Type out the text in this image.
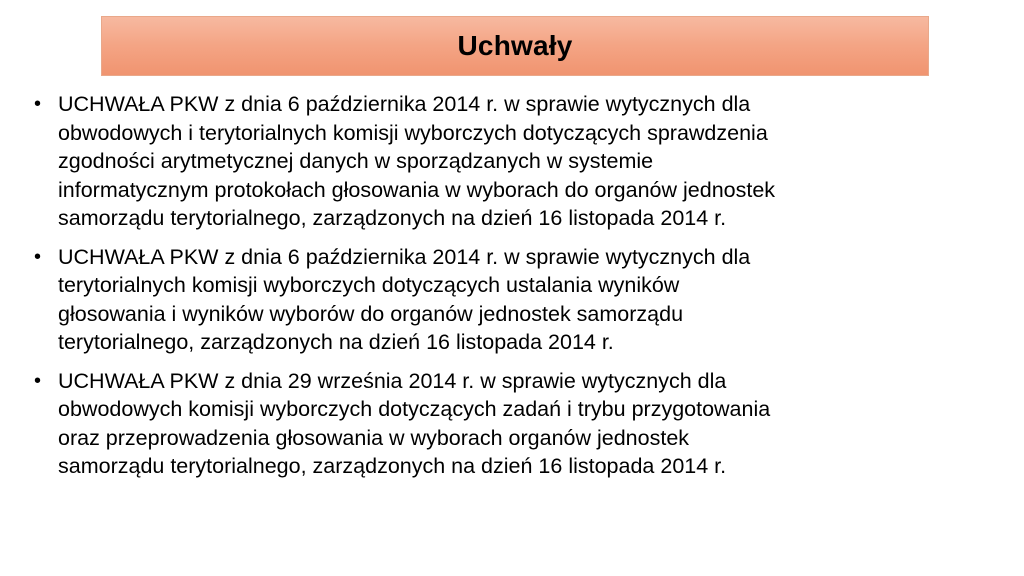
Uchwały
• UCHWAŁA PKW z dnia 6 października 2014 r. w sprawie wytycznych dla
obwodowych i terytorialnych komisji wyborczych dotyczących sprawdzenia
zgodności arytmetycznej danych w sporządzanych w systemie
informatycznym protokołach głosowania w wyborach do organów jednostek
samorządu terytorialnego, zarządzonych na dzień 16 listopada 2014 r.
• UCHWAŁA PKW z dnia 6 października 2014 r. w sprawie wytycznych dla
terytorialnych komisji wyborczych dotyczących ustalania wyników
głosowania i wyników wyborów do organów jednostek samorządu
terytorialnego, zarządzonych na dzień 16 listopada 2014 r.
• UCHWAŁA PKW z dnia 29 września 2014 r. w sprawie wytycznych dla
obwodowych komisji wyborczych dotyczących zadań i trybu przygotowania
oraz przeprowadzenia głosowania w wyborach organów jednostek
samorządu terytorialnego, zarządzonych na dzień 16 listopada 2014 r.
